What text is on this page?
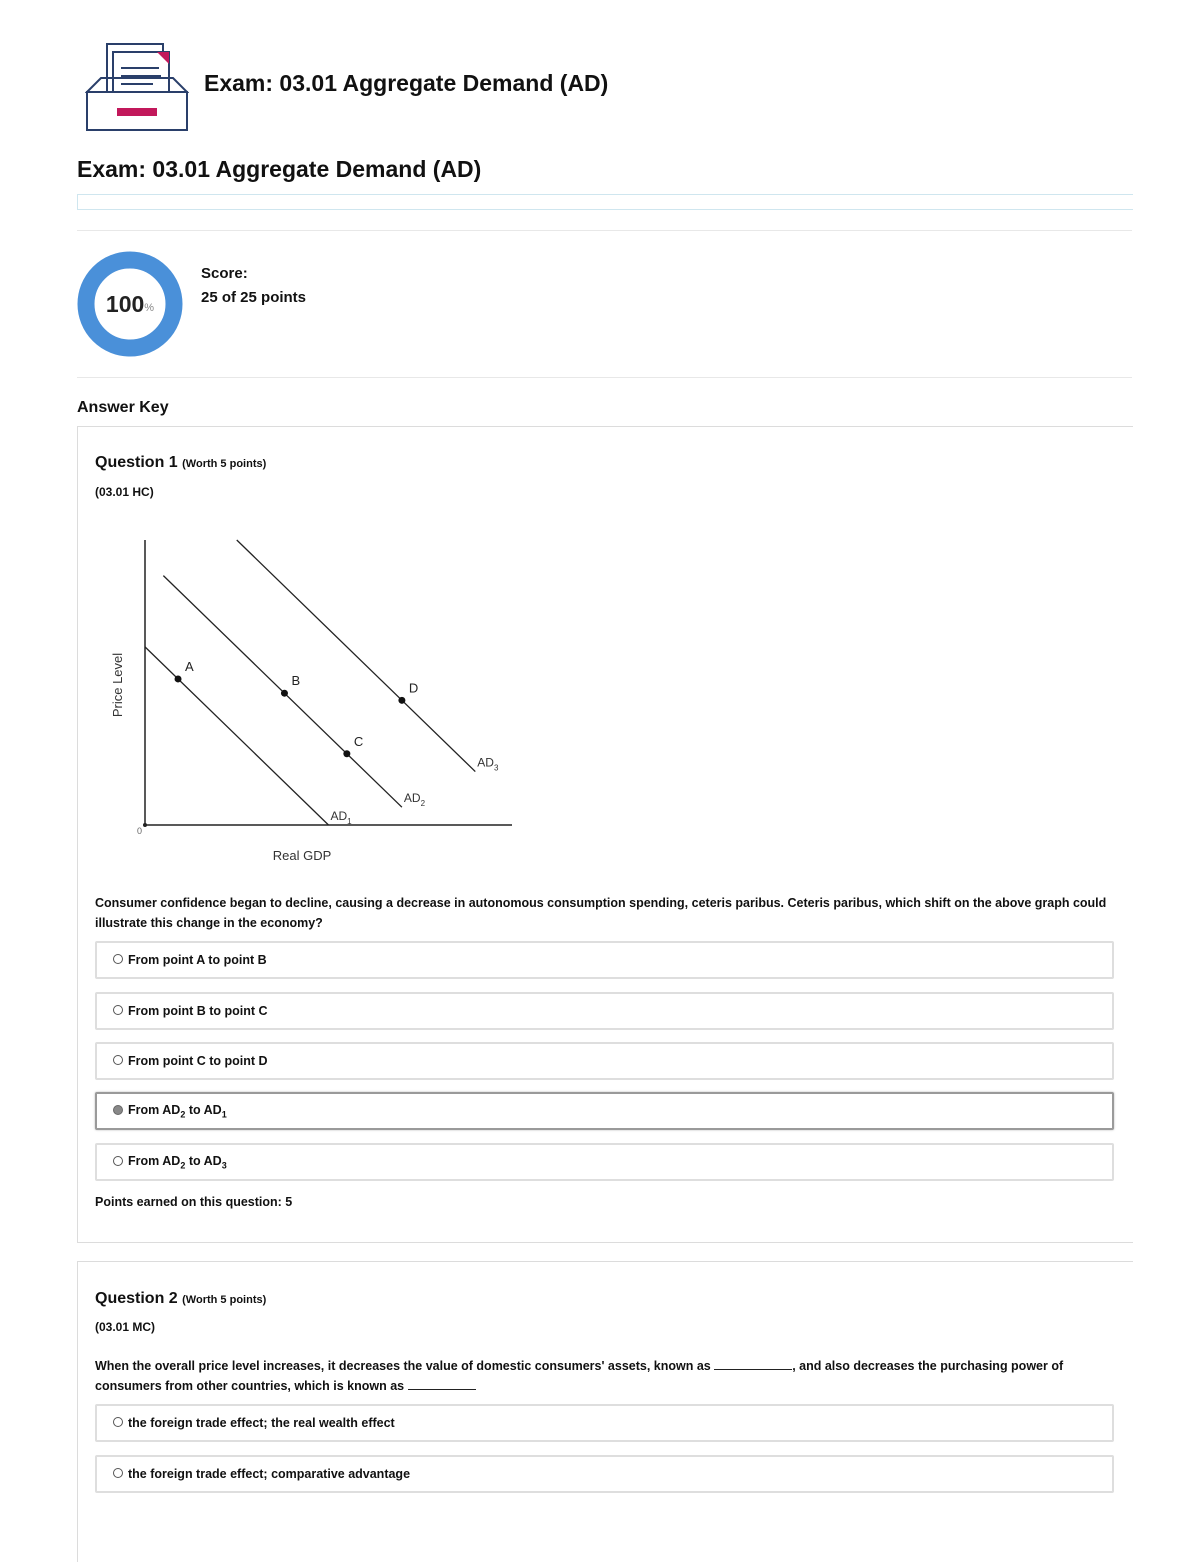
Exam: 03.01 Aggregate Demand (AD)
Exam: 03.01 Aggregate Demand (AD)
100 %
Score:
25 of 25 points
Answer Key
Question 1 (Worth 5 points)
(03.01 HC)
0
Price Level
Real GDP
$AD_1$
$AD_2$
$AD_3$
A
B
C
D
Consumer confidence began to decline, causing a decrease in autonomous consumption spending, ceteris paribus. Ceteris paribus, which shift on the above graph could illustrate this change in the economy?
From point A to point B
From point B to point C
From point C to point D
From $AD_2$ to $AD_1$
From $AD_2$ to $AD_3$
Points earned on this question: 5
Question 2 (Worth 5 points)
(03.01 MC)
When the overall price level increases, it decreases the value of domestic consumers' assets, known as	, and also decreases the purchasing power of consumers from other countries, which is known as
the foreign trade effect; the real wealth effect
the foreign trade effect; comparative advantage
